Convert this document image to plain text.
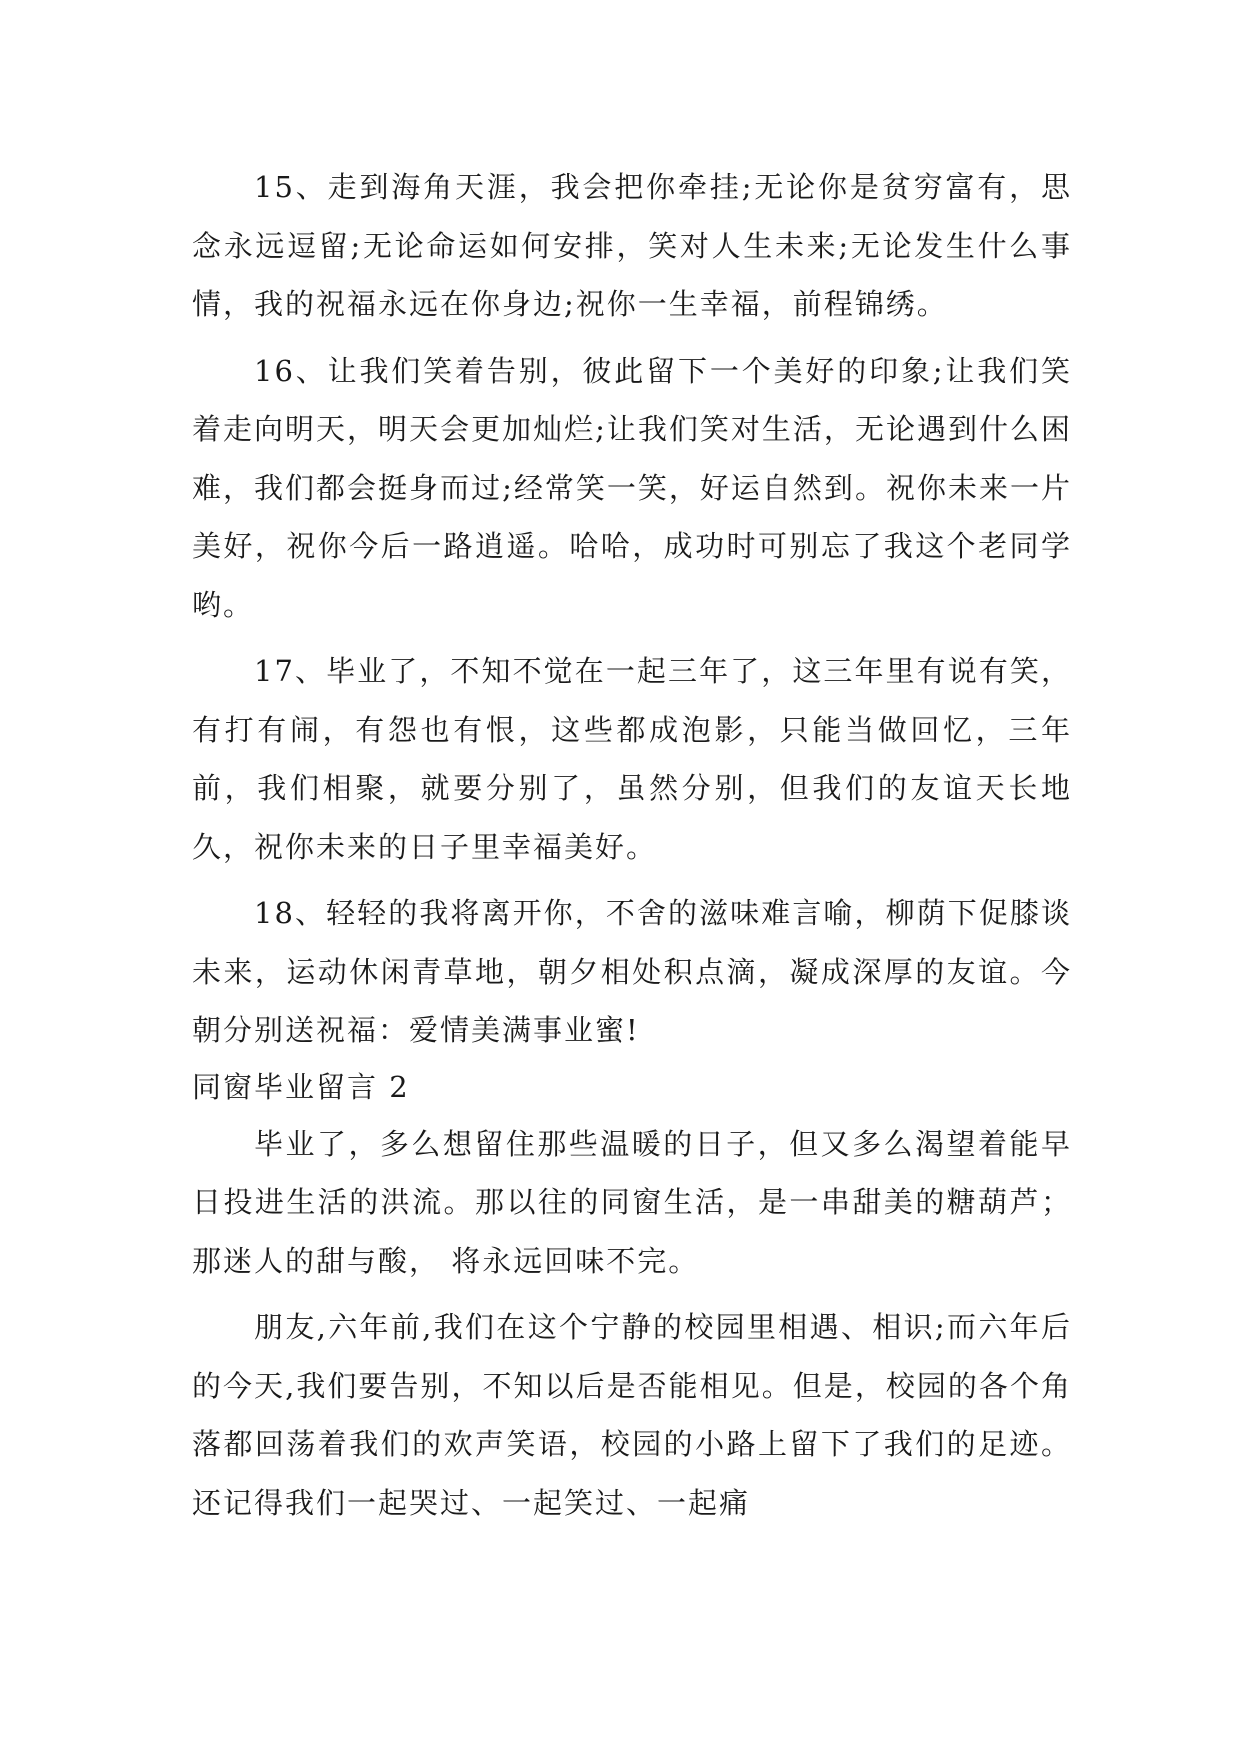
15、走到海角天涯，我会把你牵挂;无论你是贫穷富有，思念永远逗留;无论命运如何安排，笑对人生未来;无论发生什么事情，我的祝福永远在你身边;祝你一生幸福，前程锦绣。

16、让我们笑着告别，彼此留下一个美好的印象;让我们笑着走向明天，明天会更加灿烂;让我们笑对生活，无论遇到什么困难，我们都会挺身而过;经常笑一笑，好运自然到。祝你未来一片美好，祝你今后一路逍遥。哈哈，成功时可别忘了我这个老同学哟。

17、毕业了，不知不觉在一起三年了，这三年里有说有笑，有打有闹，有怨也有恨，这些都成泡影，只能当做回忆，三年前，我们相聚，就要分别了，虽然分别，但我们的友谊天长地久，祝你未来的日子里幸福美好。

18、轻轻的我将离开你，不舍的滋味难言喻，柳荫下促膝谈未来，运动休闲青草地，朝夕相处积点滴，凝成深厚的友谊。今朝分别送祝福：爱情美满事业蜜!

同窗毕业留言 2

毕业了，多么想留住那些温暖的日子，但又多么渴望着能早日投进生活的洪流。那以往的同窗生活，是一串甜美的糖葫芦；那迷人的甜与酸， 将永远回味不完。

朋友,六年前,我们在这个宁静的校园里相遇、相识;而六年后的今天,我们要告别，不知以后是否能相见。但是，校园的各个角落都回荡着我们的欢声笑语，校园的小路上留下了我们的足迹。还记得我们一起哭过、一起笑过、一起痛
